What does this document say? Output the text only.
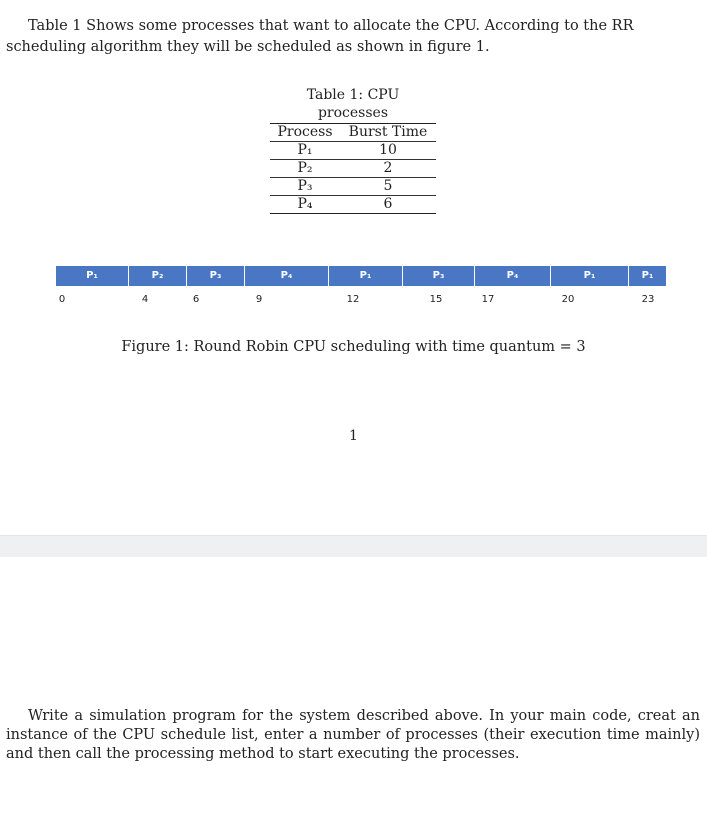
Table 1 Shows some processes that want to allocate the CPU. According to the RR scheduling algorithm they will be scheduled as shown in figure 1.

Table 1: CPU processes
Process	Burst Time
P₁	10
P₂	2
P₃	5
P₄	6
P₁	P₂	P₃	P₄	P₁	P₃	P₄	P₁	P₁
0	4	6	9	12	15	17	20	23
Figure 1: Round Robin CPU scheduling with time quantum = 3
1

Write a simulation program for the system described above. In your main code, creat an instance of the CPU schedule list, enter a number of processes (their execution time mainly) and then call the processing method to start executing the processes.
